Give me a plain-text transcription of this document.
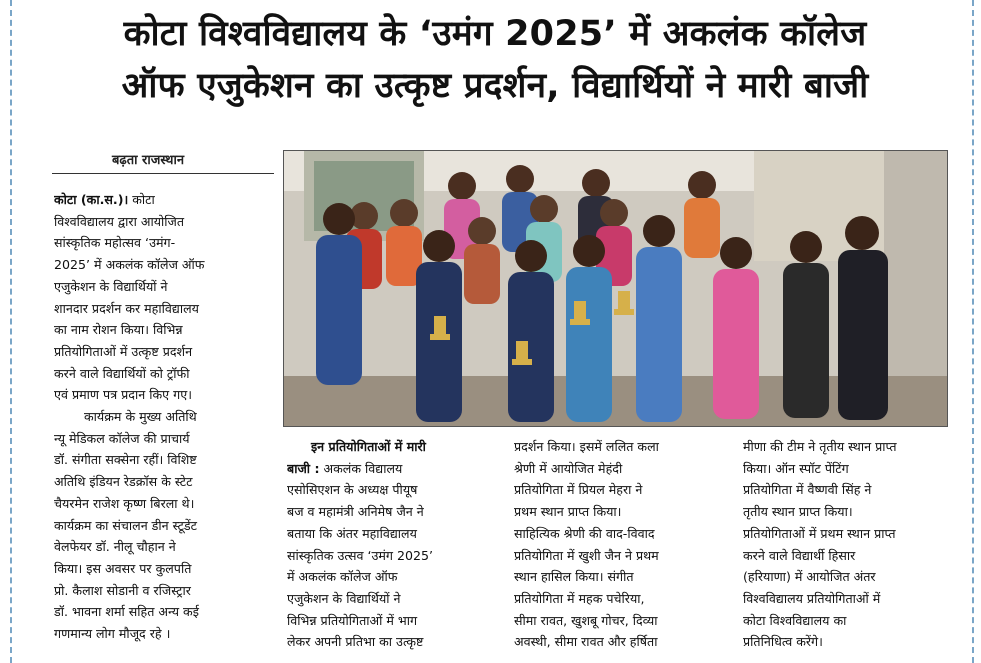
कोटा विश्वविद्यालय के ‘उमंग 2025’ में अकलंक कॉलेज
ऑफ एजुकेशन का उत्कृष्ट प्रदर्शन, विद्यार्थियों ने मारी बाजी
बढ़ता राजस्थान
कोटा (का.स.)। कोटा
विश्वविद्यालय द्वारा आयोजित
सांस्कृतिक महोत्सव ‘उमंग-
2025’ में अकलंक कॉलेज ऑफ
एजुकेशन के विद्यार्थियों ने
शानदार प्रदर्शन कर महाविद्यालय
का नाम रोशन किया। विभिन्न
प्रतियोगिताओं में उत्कृष्ट प्रदर्शन
करने वाले विद्यार्थियों को ट्रॉफी
एवं प्रमाण पत्र प्रदान किए गए।
कार्यक्रम के मुख्य अतिथि
न्यू मेडिकल कॉलेज की प्राचार्य
डॉ. संगीता सक्सेना रहीं। विशिष्ट
अतिथि इंडियन रेडक्रॉस के स्टेट
चैयरमेन राजेश कृष्ण बिरला थे।
कार्यक्रम का संचालन डीन स्टूडेंट
वेलफेयर डॉ. नीलू चौहान ने
किया। इस अवसर पर कुलपति
प्रो. कैलाश सोडानी व रजिस्ट्रार
डॉ. भावना शर्मा सहित अन्य कई
गणमान्य लोग मौजूद रहे ।
इन प्रतियोगिताओं में मारी
बाजी : अकलंक विद्यालय
एसोसिएशन के अध्यक्ष पीयूष
बज व महामंत्री अनिमेष जैन ने
बताया कि अंतर महाविद्यालय
सांस्कृतिक उत्सव ‘उमंग 2025’
में अकलंक कॉलेज ऑफ
एजुकेशन के विद्यार्थियों ने
विभिन्न प्रतियोगिताओं में भाग
लेकर अपनी प्रतिभा का उत्कृष्ट
प्रदर्शन किया। इसमें ललित कला
श्रेणी में आयोजित मेहंदी
प्रतियोगिता में प्रियल मेहरा ने
प्रथम स्थान प्राप्त किया।
साहित्यिक श्रेणी की वाद-विवाद
प्रतियोगिता में खुशी जैन ने प्रथम
स्थान हासिल किया। संगीत
प्रतियोगिता में महक पचेरिया,
सीमा रावत, खुशबू गोचर, दिव्या
अवस्थी, सीमा रावत और हर्षिता
मीणा की टीम ने तृतीय स्थान प्राप्त
किया। ऑन स्पॉट पेंटिंग
प्रतियोगिता में वैष्णवी सिंह ने
तृतीय स्थान प्राप्त किया।
प्रतियोगिताओं में प्रथम स्थान प्राप्त
करने वाले विद्यार्थी हिसार
(हरियाणा) में आयोजित अंतर
विश्वविद्यालय प्रतियोगिताओं में
कोटा विश्वविद्यालय का
प्रतिनिधित्व करेंगे।
